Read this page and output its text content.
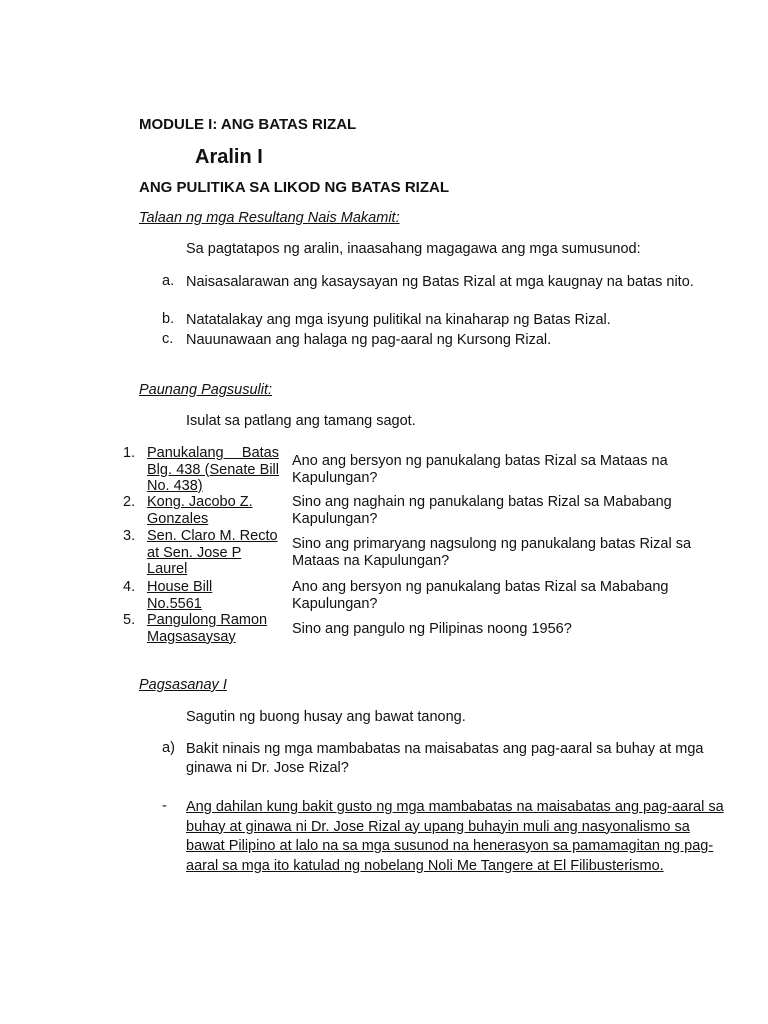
MODULE I: ANG BATAS RIZAL
Aralin I
ANG PULITIKA SA LIKOD NG BATAS RIZAL
Talaan ng mga Resultang Nais Makamit:
Sa pagtatapos ng aralin, inaasahang magagawa ang mga sumusunod:
a. Naisasalarawan ang kasaysayan ng Batas Rizal at mga kaugnay na batas nito.
b. Natatalakay ang mga isyung pulitikal na kinaharap ng Batas Rizal.
c. Nauunawaan ang halaga ng pag-aaral ng Kursong Rizal.
Paunang Pagsusulit:
Isulat sa patlang ang tamang sagot.
1. Panukalang Batas Blg. 438 (Senate Bill No. 438)
Ano ang bersyon ng panukalang batas Rizal sa Mataas na Kapulungan?
2. Kong. Jacobo Z. Gonzales
Sino ang naghain ng panukalang batas Rizal sa Mababang Kapulungan?
3. Sen. Claro M. Recto at Sen. Jose P Laurel
Sino ang primaryang nagsulong ng panukalang batas Rizal sa Mataas na Kapulungan?
4. House Bill No.5561
Ano ang bersyon ng panukalang batas Rizal sa Mababang Kapulungan?
5. Pangulong Ramon Magsasaysay	Sino ang pangulo ng Pilipinas noong 1956?
Pagsasanay I
Sagutin ng buong husay ang bawat tanong.
a) Bakit ninais ng mga mambabatas na maisabatas ang pag-aaral sa buhay at mga ginawa ni Dr. Jose Rizal?
- Ang dahilan kung bakit gusto ng mga mambabatas na maisabatas ang pag-aaral sa buhay at ginawa ni Dr. Jose Rizal ay upang buhayin muli ang nasyonalismo sa bawat Pilipino at lalo na sa mga susunod na henerasyon sa pamamagitan ng pag-aaral sa mga ito katulad ng nobelang Noli Me Tangere at El Filibusterismo.
